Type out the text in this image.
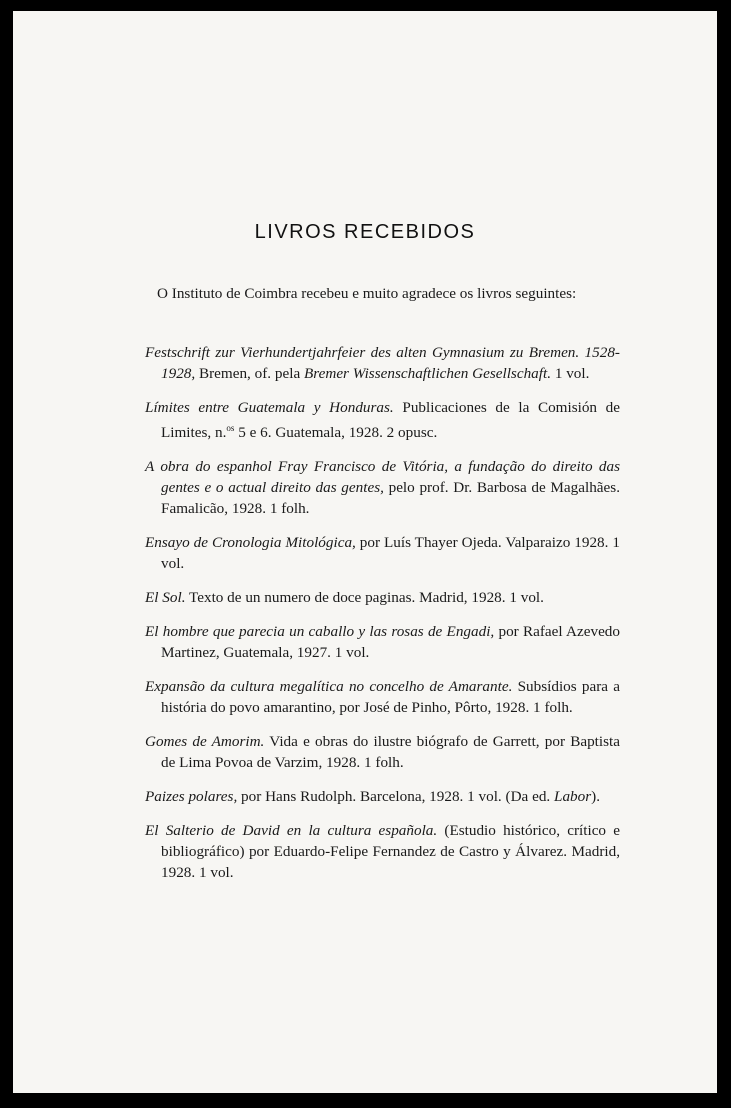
LIVROS RECEBIDOS

O Instituto de Coimbra recebeu e muito agradece os livros seguintes:

Festschrift zur Vierhundertjahrfeier des alten Gymnasium zu Bremen. 1528-1928, Bremen, of. pela Bremer Wissenschaftlichen Gesellschaft. 1 vol.

Límites entre Guatemala y Honduras. Publicaciones de la Comisión de Limites, n.$^{os}$ 5 e 6. Guatemala, 1928. 2 opusc.

A obra do espanhol Fray Francisco de Vitória, a fundação do direito das gentes e o actual direito das gentes, pelo prof. Dr. Barbosa de Magalhães. Famalicão, 1928. 1 folh.

Ensayo de Cronologia Mitológica, por Luís Thayer Ojeda. Valparaizo 1928. 1 vol.

El Sol. Texto de un numero de doce paginas. Madrid, 1928. 1 vol.

El hombre que parecia un caballo y las rosas de Engadi, por Rafael Azevedo Martinez, Guatemala, 1927. 1 vol.

Expansão da cultura megalítica no concelho de Amarante. Subsídios para a história do povo amarantino, por José de Pinho, Pôrto, 1928. 1 folh.

Gomes de Amorim. Vida e obras do ilustre biógrafo de Garrett, por Baptista de Lima Povoa de Varzim, 1928. 1 folh.

Paizes polares, por Hans Rudolph. Barcelona, 1928. 1 vol. (Da ed. Labor).

El Salterio de David en la cultura española. (Estudio histórico, crítico e bibliográfico) por Eduardo-Felipe Fernandez de Castro y Álvarez. Madrid, 1928. 1 vol.
